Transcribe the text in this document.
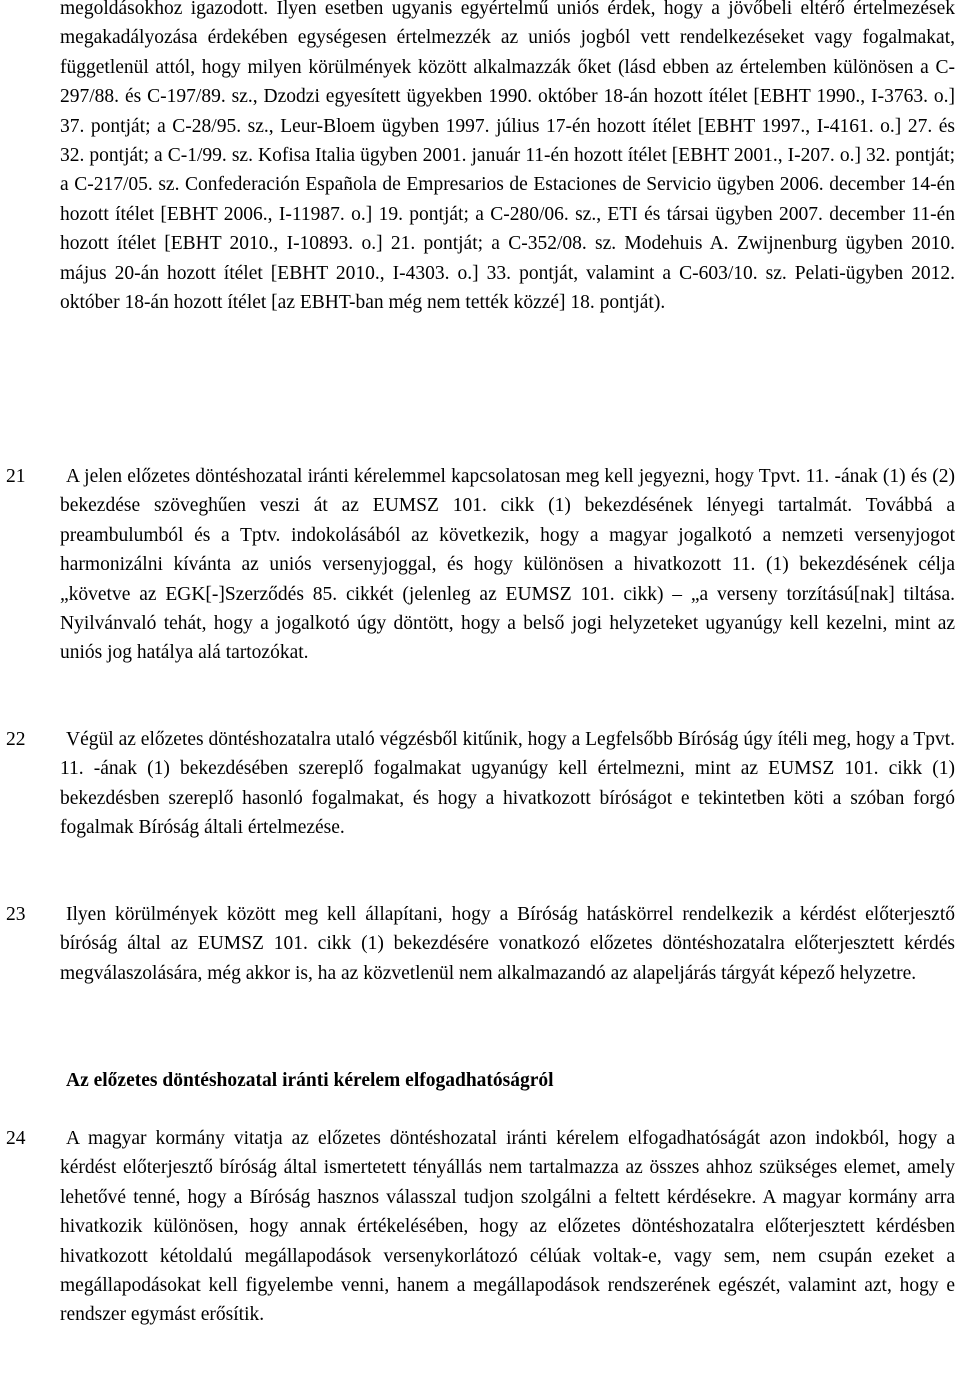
megoldásokhoz igazodott. Ilyen esetben ugyanis egyértelmű uniós érdek, hogy a jövőbeli eltérő értelmezések megakadályozása érdekében egységesen értelmezzék az uniós jogból vett rendelkezéseket vagy fogalmakat, függetlenül attól, hogy milyen körülmények között alkalmazzák őket (lásd ebben az értelemben különösen a C-297/88. és C-197/89. sz., Dzodzi egyesített ügyekben 1990. október 18-án hozott ítélet [EBHT 1990., I-3763. o.] 37. pontját; a C-28/95. sz., Leur-Bloem ügyben 1997. július 17-én hozott ítélet [EBHT 1997., I-4161. o.] 27. és 32. pontját; a C-1/99. sz. Kofisa Italia ügyben 2001. január 11-én hozott ítélet [EBHT 2001., I-207. o.] 32. pontját; a C-217/05. sz. Confederación Española de Empresarios de Estaciones de Servicio ügyben 2006. december 14-én hozott ítélet [EBHT 2006., I-11987. o.] 19. pontját; a C-280/06. sz., ETI és társai ügyben 2007. december 11-én hozott ítélet [EBHT 2010., I-10893. o.] 21. pontját; a C-352/08. sz. Modehuis A. Zwijnenburg ügyben 2010. május 20-án hozott ítélet [EBHT 2010., I-4303. o.] 33. pontját, valamint a C-603/10. sz. Pelati-ügyben 2012. október 18-án hozott ítélet [az EBHT-ban még nem tették közzé] 18. pontját).

21	A jelen előzetes döntéshozatal iránti kérelemmel kapcsolatosan meg kell jegyezni, hogy Tpvt. 11. -ának (1) és (2) bekezdése szöveghűen veszi át az EUMSZ 101. cikk (1) bekezdésének lényegi tartalmát. Továbbá a preambulumból és a Tptv. indokolásából az következik, hogy a magyar jogalkotó a nemzeti versenyjogot harmonizálni kívánta az uniós versenyjoggal, és hogy különösen a hivatkozott 11. (1) bekezdésének célja „követve az EGK[-]Szerződés 85. cikkét (jelenleg az EUMSZ 101. cikk) – „a verseny torzítású[nak] tiltása. Nyilvánvaló tehát, hogy a jogalkotó úgy döntött, hogy a belső jogi helyzeteket ugyanúgy kell kezelni, mint az uniós jog hatálya alá tartozókat.

22	Végül az előzetes döntéshozatalra utaló végzésből kitűnik, hogy a Legfelsőbb Bíróság úgy ítéli meg, hogy a Tpvt. 11. -ának (1) bekezdésében szereplő fogalmakat ugyanúgy kell értelmezni, mint az EUMSZ 101. cikk (1) bekezdésben szereplő hasonló fogalmakat, és hogy a hivatkozott bíróságot e tekintetben köti a szóban forgó fogalmak Bíróság általi értelmezése.

23	Ilyen körülmények között meg kell állapítani, hogy a Bíróság hatáskörrel rendelkezik a kérdést előterjesztő bíróság által az EUMSZ 101. cikk (1) bekezdésére vonatkozó előzetes döntéshozatalra előterjesztett kérdés megválaszolására, még akkor is, ha az közvetlenül nem alkalmazandó az alapeljárás tárgyát képező helyzetre.

Az előzetes döntéshozatal iránti kérelem elfogadhatóságról
24	A magyar kormány vitatja az előzetes döntéshozatal iránti kérelem elfogadhatóságát azon indokból, hogy a kérdést előterjesztő bíróság által ismertetett tényállás nem tartalmazza az összes ahhoz szükséges elemet, amely lehetővé tenné, hogy a Bíróság hasznos válasszal tudjon szolgálni a feltett kérdésekre. A magyar kormány arra hivatkozik különösen, hogy annak értékelésében, hogy az előzetes döntéshozatalra előterjesztett kérdésben hivatkozott kétoldalú megállapodások versenykorlátozó célúak voltak-e, vagy sem, nem csupán ezeket a megállapodásokat kell figyelembe venni, hanem a megállapodások rendszerének egészét, valamint azt, hogy e rendszer egymást erősítik.
